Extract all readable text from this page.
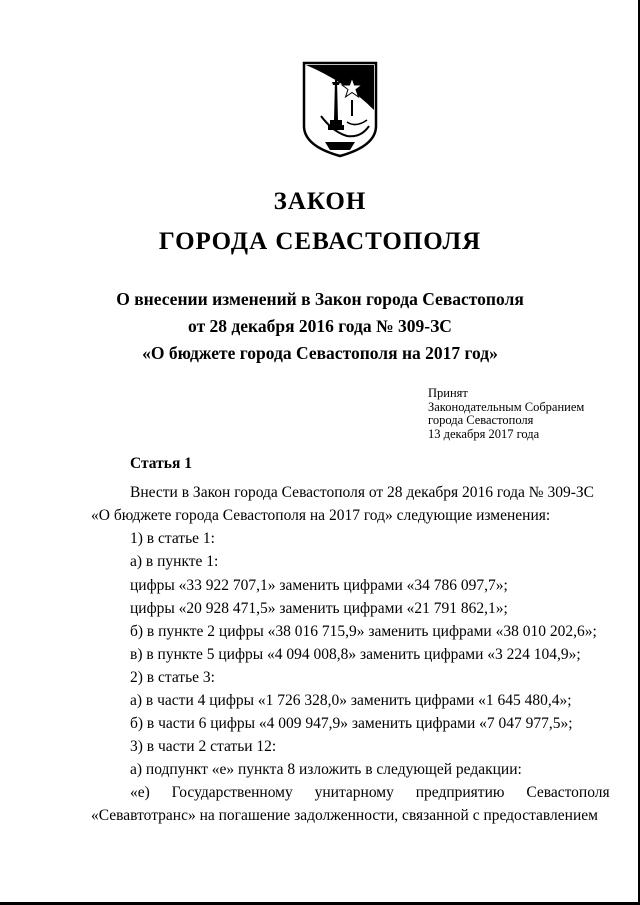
ЗАКОН
ГОРОДА СЕВАСТОПОЛЯ
О внесении изменений в Закон города Севастополя
от 28 декабря 2016 года № 309-ЗС
«О бюджете города Севастополя на 2017 год»
Принят
Законодательным Собранием
города Севастополя
13 декабря 2017 года
Статья 1
Внести в Закон города Севастополя от 28 декабря 2016 года № 309-ЗС
«О бюджете города Севастополя на 2017 год» следующие изменения:
1) в статье 1:
а) в пункте 1:
цифры «33 922 707,1» заменить цифрами «34 786 097,7»;
цифры «20 928 471,5» заменить цифрами «21 791 862,1»;
б) в пункте 2 цифры «38 016 715,9» заменить цифрами «38 010 202,6»;
в) в пункте 5 цифры «4 094 008,8» заменить цифрами «3 224 104,9»;
2) в статье 3:
а) в части 4 цифры «1 726 328,0» заменить цифрами «1 645 480,4»;
б) в части 6 цифры «4 009 947,9» заменить цифрами «7 047 977,5»;
3) в части 2 статьи 12:
а) подпункт «е» пункта 8 изложить в следующей редакции:
«е) Государственному унитарному предприятию Севастополя
«Севавтотранс» на погашение задолженности, связанной с предоставлением
